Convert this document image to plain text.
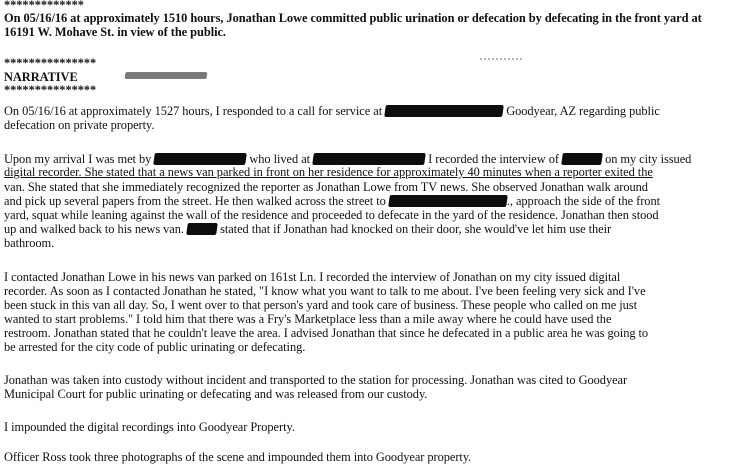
*************
On 05/16/16 at approximately 1510 hours, Jonathan Lowe committed public urination or defecation by defecating in the front yard at
16191 W. Mohave St. in view of the public.
***************
NARRATIVE
***************
On 05/16/16 at approximately 1527 hours, I responded to a call for service at	Goodyear, AZ regarding public
defecation on private property.
Upon my arrival I was met by	who lived at	I recorded the interview of	on my city issued
digital recorder. She stated that a news van parked in front on her residence for approximately 40 minutes when a reporter exited the
van. She stated that she immediately recognized the reporter as Jonathan Lowe from TV news. She observed Jonathan walk around
and pick up several papers from the street. He then walked across the street to	., approach the side of the front
yard, squat while leaning against the wall of the residence and proceeded to defecate in the yard of the residence. Jonathan then stood
up and walked back to his news van.	stated that if Jonathan had knocked on their door, she would've let him use their
bathroom.
I contacted Jonathan Lowe in his news van parked on 161st Ln. I recorded the interview of Jonathan on my city issued digital
recorder. As soon as I contacted Jonathan he stated, "I know what you want to talk to me about. I've been feeling very sick and I've
been stuck in this van all day. So, I went over to that person's yard and took care of business. These people who called on me just
wanted to start problems." I told him that there was a Fry's Marketplace less than a mile away where he could have used the
restroom. Jonathan stated that he couldn't leave the area. I advised Jonathan that since he defecated in a public area he was going to
be arrested for the city code of public urinating or defecating.
Jonathan was taken into custody without incident and transported to the station for processing. Jonathan was cited to Goodyear
Municipal Court for public urinating or defecating and was released from our custody.
I impounded the digital recordings into Goodyear Property.
Officer Ross took three photographs of the scene and impounded them into Goodyear property.
